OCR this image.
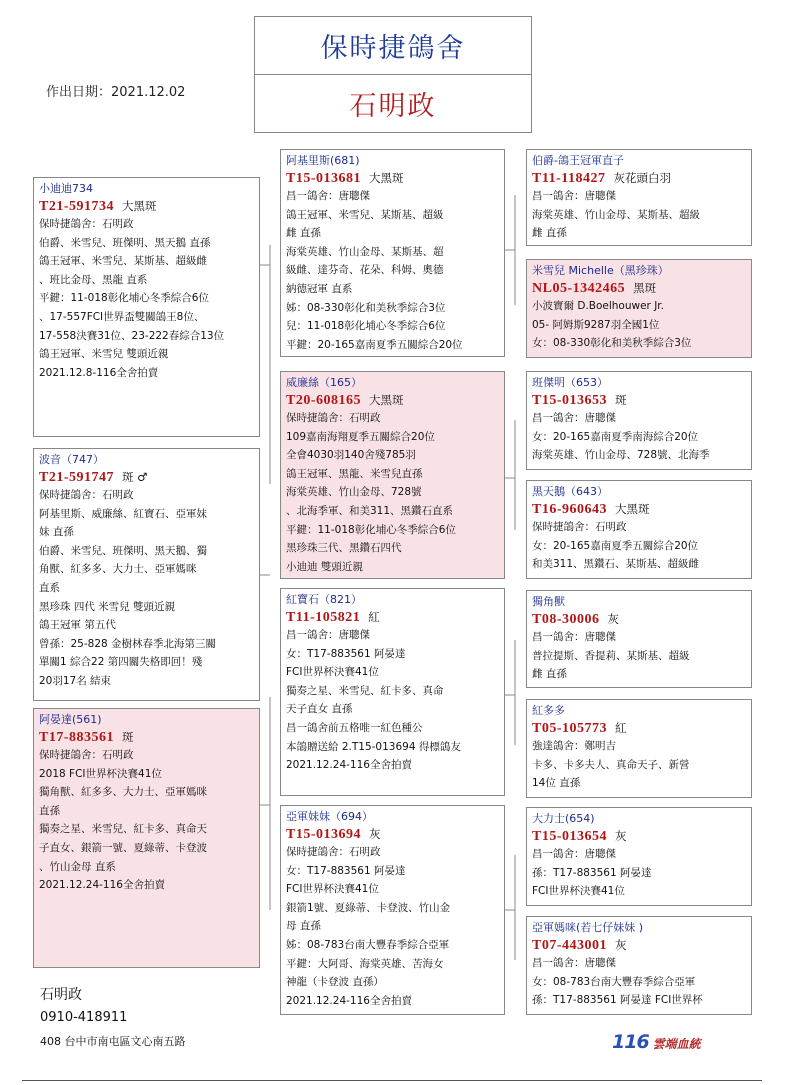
保時捷鴿舍
石明政
作出日期：2021.12.02
小迪迪734
T21-591734 大黑斑
保時捷鴿舍：石明政
伯爵、米雪兒、班傑明、黑天鵝 直孫
鴿王冠軍、米雪兒、某斯基、超級雌
、班比金母、黑龍 直系
平鍵：11-018彰化埔心冬季綜合6位
、17-557FCI世界盃雙關鴿王8位、
17-558決賽31位、23-222春綜合13位
鴿王冠軍、米雪兒 雙頭近親
2021.12.8-116全舍拍賣
波音（747）
T21-591747 斑 ♂
保時捷鴿舍：石明政
阿基里斯、威廉絲、紅寶石、亞軍妹
妹 直孫
伯爵、米雪兒、班傑明、黑天鵝、獨
角獸、紅多多、大力士、亞軍媽咪
直系
黑珍珠 四代 米雪兒 雙頭近親
鴿王冠軍 第五代
曾孫：25-828 金樹林春季北海第三關
單關1 綜合22 第四關失格即回！殘
20羽17名 結束
阿晏達(561)
T17-883561 斑
保時捷鴿舍：石明政
2018 FCI世界杯決賽41位
獨角獸、紅多多、大力士、亞軍媽咪
直孫
獨奏之星、米雪兒、紅卡多、真命天
子直女、銀箭一號、夏綠蒂、卡登波
、竹山金母 直系
2021.12.24-116全舍拍賣
阿基里斯(681)
T15-013681 大黑斑
昌一鴿舍：唐聰傑
鴿王冠軍、米雪兒、某斯基、超級
雌 直孫
海棠英雄、竹山金母、某斯基、超
級雌、達芬奇、花朵、科姆、奧德
納德冠軍 直系
姊：08-330彰化和美秋季綜合3位
兒：11-018彰化埔心冬季綜合6位
平鍵：20-165嘉南夏季五關綜合20位
威廉絲（165）
T20-608165 大黑斑
保時捷鴿舍：石明政
109嘉南海翔夏季五關綜合20位
全會4030羽140舍殘785羽
鴿王冠軍、黑龍、米雪兒直孫
海棠英雄、竹山金母、728號
、北海季軍、和美311、黑鑽石直系
平鍵：11-018彰化埔心冬季綜合6位
黑珍珠三代、黑鑽石四代
小迪迪 雙頭近親
紅寶石（821）
T11-105821 紅
昌一鴿舍：唐聰傑
女：T17-883561 阿晏達
FCI世界杯決賽41位
獨奏之星、米雪兒、紅卡多、真命
天子直女 直孫
昌一鴿舍前五格唯一紅色種公
本鴿贈送給 2.T15-013694 得標鴿友
2021.12.24-116全舍拍賣
亞軍妹妹（694）
T15-013694 灰
保時捷鴿舍：石明政
女：T17-883561 阿晏達
FCI世界杯決賽41位
銀箭1號、夏綠蒂、卡登波、竹山金
母 直孫
姊：08-783台南大豐春季綜合亞軍
平鍵：大阿哥、海棠英雄、苦海女
神龍（卡登波 直孫）
2021.12.24-116全舍拍賣
伯爵-鴿王冠軍直子
T11-118427 灰花頭白羽
昌一鴿舍：唐聰傑
海棠英雄、竹山金母、某斯基、超級
雌 直孫
米雪兒 Michelle（黑珍珠）
NL05-1342465 黑斑
小波寶爾 D.Boelhouwer Jr.
05- 阿姆斯9287羽全國1位
女：08-330彰化和美秋季綜合3位
班傑明（653）
T15-013653 斑
昌一鴿舍：唐聰傑
女：20-165嘉南夏季南海綜合20位
海棠英雄、竹山金母、728號、北海季
黑天鵝（643）
T16-960643 大黑斑
保時捷鴿舍：石明政
女：20-165嘉南夏季五關綜合20位
和美311、黑鑽石、某斯基、超級雌
獨角獸
T08-30006 灰
昌一鴿舍：唐聰傑
普拉提斯、香提莉、某斯基、超級
雌 直孫
紅多多
T05-105773 紅
強達鴿舍：鄭明吉
卡多、卡多夫人、真命天子、新營
14位 直孫
大力士(654)
T15-013654 灰
昌一鴿舍：唐聰傑
孫：T17-883561 阿晏達
FCI世界杯決賽41位
亞軍媽咪(若七仔妹妹 )
T07-443001 灰
昌一鴿舍：唐聰傑
女：08-783台南大豐春季綜合亞軍
孫：T17-883561 阿晏達 FCI世界杯
石明政
0910-418911
408 台中市南屯區文心南五路	116 雲端血統
